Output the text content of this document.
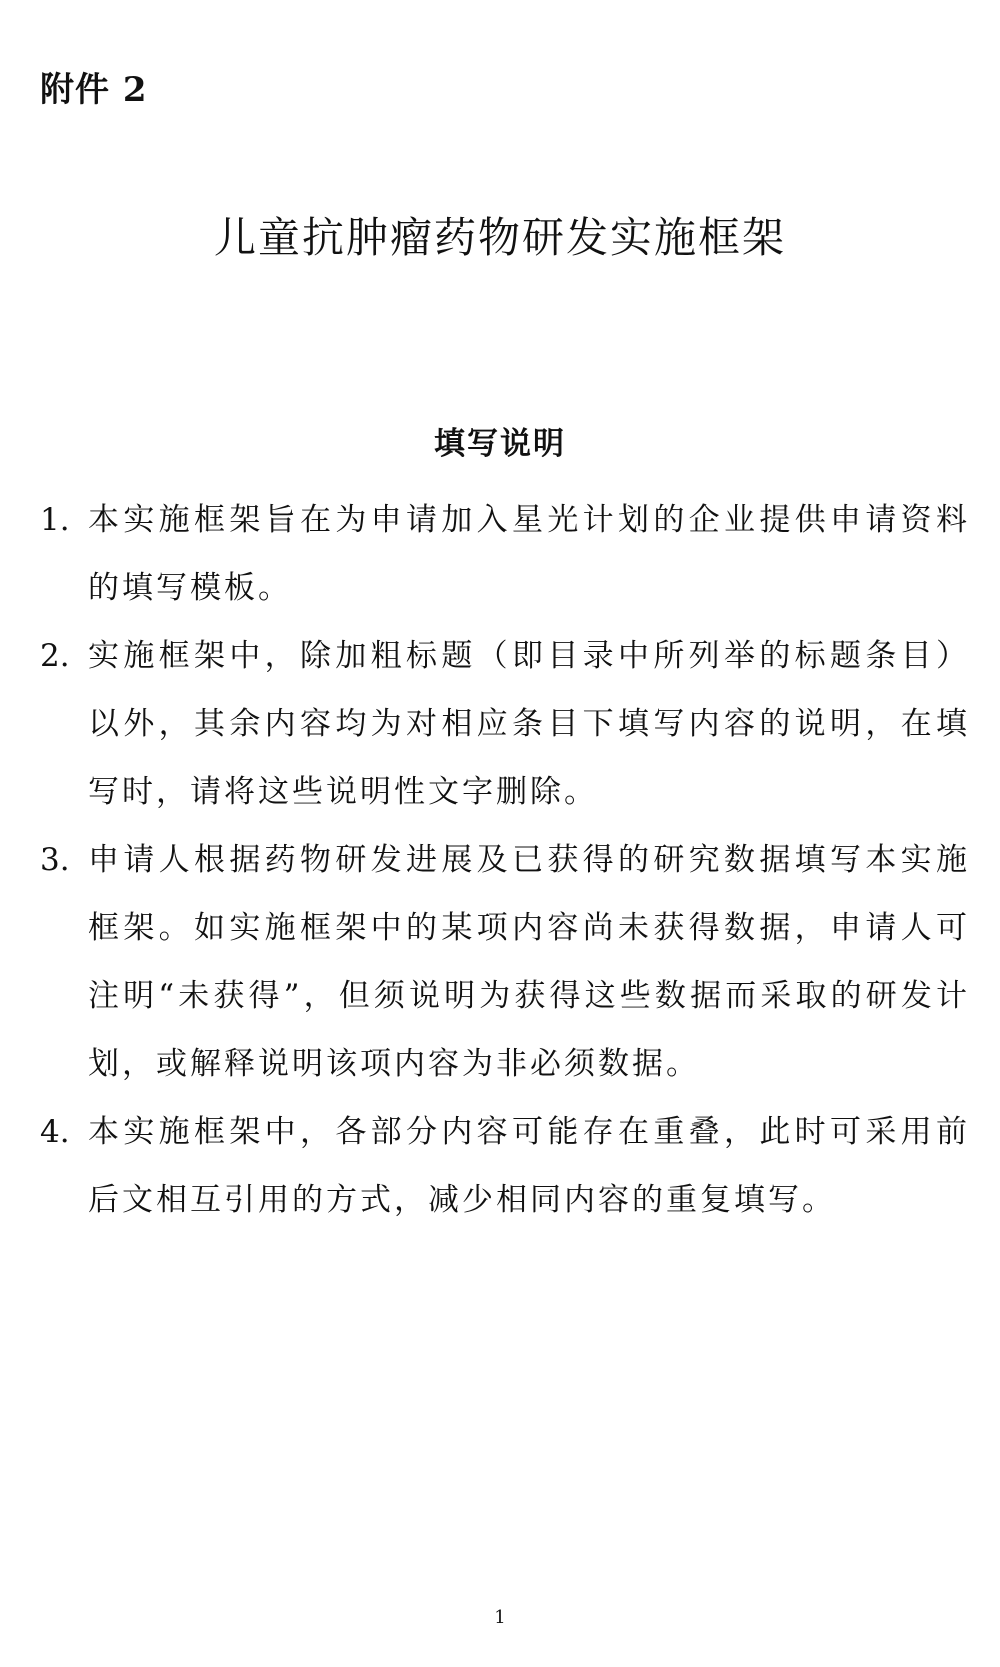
附件 2
儿童抗肿瘤药物研发实施框架
填写说明
1. 本实施框架旨在为申请加入星光计划的企业提供申请资料的填写模板。
2. 实施框架中，除加粗标题（即目录中所列举的标题条目）以外，其余内容均为对相应条目下填写内容的说明，在填写时，请将这些说明性文字删除。
3. 申请人根据药物研发进展及已获得的研究数据填写本实施框架。如实施框架中的某项内容尚未获得数据，申请人可注明“未获得”，但须说明为获得这些数据而采取的研发计划，或解释说明该项内容为非必须数据。
4. 本实施框架中，各部分内容可能存在重叠，此时可采用前后文相互引用的方式，减少相同内容的重复填写。
1
